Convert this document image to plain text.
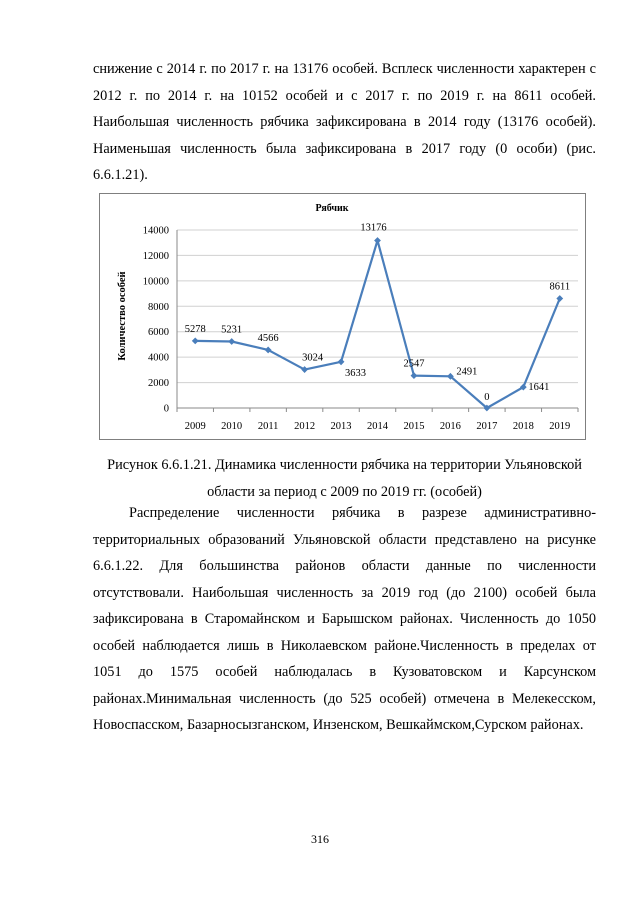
снижение с 2014 г. по 2017 г. на 13176 особей. Всплеск численности характерен с 2012 г. по 2014 г. на 10152 особей и с 2017 г. по 2019 г. на 8611 особей. Наибольшая численность рябчика зафиксирована в 2014 году (13176 особей). Наименьшая численность была зафиксирована в 2017 году (0 особи) (рис. 6.6.1.21).

0
2000
4000
6000
8000
10000
12000
14000
2009 2010 2011 2012 2013 2014 2015 2016 2017 2018 2019
5278 5231
4566
3024
3633
13176
2547
2491
0
1641
8611
Рябчик
Количество особей

Рисунок 6.6.1.21. Динамика численности рябчика на территории Ульяновской области за период с 2009 по 2019 гг. (особей)

Распределение численности рябчика в разрезе административно-территориальных образований Ульяновской области представлено на рисунке 6.6.1.22. Для большинства районов области данные по численности отсутствовали. Наибольшая численность за 2019 год (до 2100) особей была зафиксирована в Старомайнском и Барышском районах. Численность до 1050 особей наблюдается лишь в Николаевском районе.Численность в пределах от 1051 до 1575 особей наблюдалась в Кузоватовском и Карсунском районах.Минимальная численность (до 525 особей) отмечена в Мелекесском, Новоспасском, Базарносызганском, Инзенском, Вешкаймском,Сурском районах.

316
